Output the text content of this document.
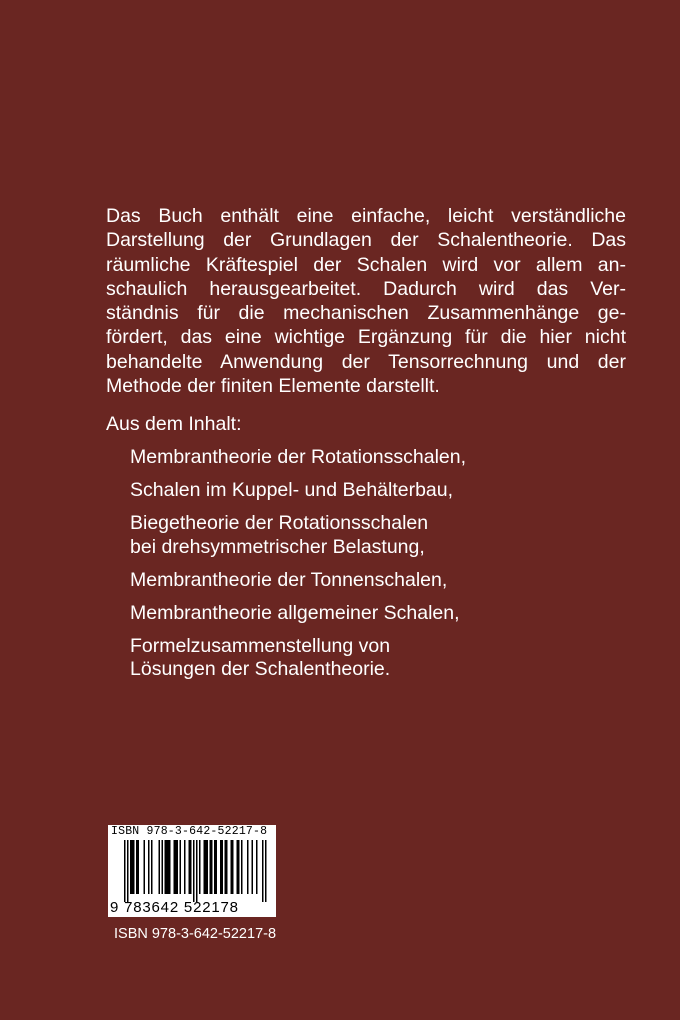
Das Buch enthält eine einfache, leicht verständliche
Darstellung der Grundlagen der Schalentheorie. Das
räumliche Kräftespiel der Schalen wird vor allem an-
schaulich herausgearbeitet. Dadurch wird das Ver-
ständnis für die mechanischen Zusammenhänge ge-
fördert, das eine wichtige Ergänzung für die hier nicht
behandelte Anwendung der Tensorrechnung und der
Methode der finiten Elemente darstellt.
Aus dem Inhalt:
Membrantheorie der Rotationsschalen,
Schalen im Kuppel- und Behälterbau,
Biegetheorie der Rotationsschalen
bei drehsymmetrischer Belastung,
Membrantheorie der Tonnenschalen,
Membrantheorie allgemeiner Schalen,
Formelzusammenstellung von
Lösungen der Schalentheorie.
ISBN 978-3-642-52217-8
9 783642 522178
ISBN 978-3-642-52217-8
